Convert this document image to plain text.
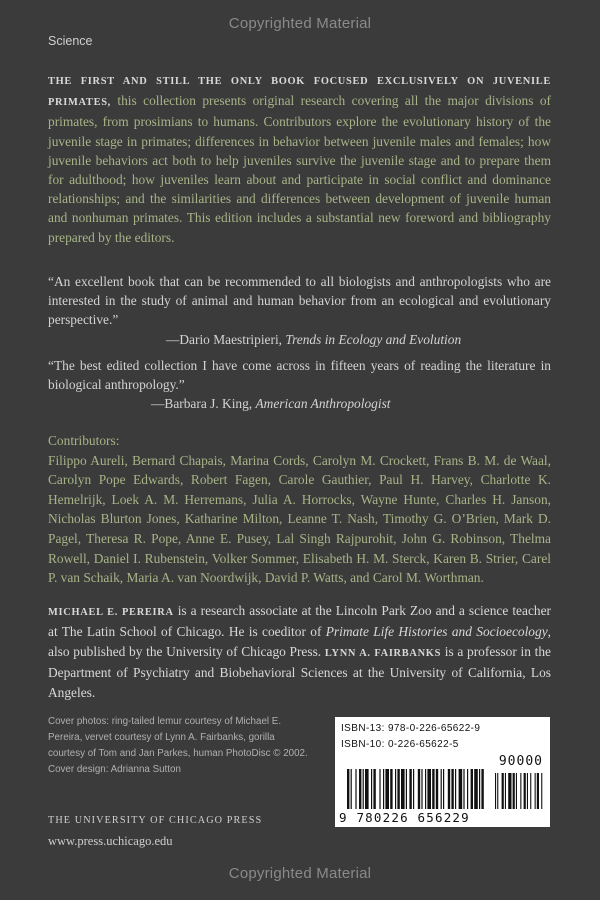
Copyrighted Material
Science
THE FIRST AND STILL THE ONLY BOOK FOCUSED EXCLUSIVELY ON JUVENILE PRIMATES, this collection presents original research covering all the major divisions of primates, from prosimians to humans. Contributors explore the evolutionary history of the juvenile stage in primates; differences in behavior between juvenile males and females; how juvenile behaviors act both to help juveniles survive the juvenile stage and to prepare them for adulthood; how juveniles learn about and participate in social conflict and dominance relationships; and the similarities and differences between development of juvenile human and nonhuman primates. This edition includes a substantial new foreword and bibliography prepared by the editors.
“An excellent book that can be recommended to all biologists and anthropologists who are interested in the study of animal and human behavior from an ecological and evolutionary perspective.”
—Dario Maestripieri, Trends in Ecology and Evolution
“The best edited collection I have come across in fifteen years of reading the literature in biological anthropology.”
—Barbara J. King, American Anthropologist
Contributors:
Filippo Aureli, Bernard Chapais, Marina Cords, Carolyn M. Crockett, Frans B. M. de Waal, Carolyn Pope Edwards, Robert Fagen, Carole Gauthier, Paul H. Harvey, Charlotte K. Hemelrijk, Loek A. M. Herremans, Julia A. Horrocks, Wayne Hunte, Charles H. Janson, Nicholas Blurton Jones, Katharine Milton, Leanne T. Nash, Timothy G. O’Brien, Mark D. Pagel, Theresa R. Pope, Anne E. Pusey, Lal Singh Rajpurohit, John G. Robinson, Thelma Rowell, Daniel I. Rubenstein, Volker Sommer, Elisabeth H. M. Sterck, Karen B. Strier, Carel P. van Schaik, Maria A. van Noordwijk, David P. Watts, and Carol M. Worthman.
MICHAEL E. PEREIRA is a research associate at the Lincoln Park Zoo and a science teacher at The Latin School of Chicago. He is coeditor of Primate Life Histories and Socioecology, also published by the University of Chicago Press. LYNN A. FAIRBANKS is a professor in the Department of Psychiatry and Biobehavioral Sciences at the University of California, Los Angeles.
Cover photos: ring-tailed lemur courtesy of Michael E. Pereira, vervet courtesy of Lynn A. Fairbanks, gorilla courtesy of Tom and Jan Parkes, human PhotoDisc © 2002. Cover design: Adrianna Sutton
THE UNIVERSITY OF CHICAGO PRESS
www.press.uchicago.edu
ISBN-13: 978-0-226-65622-9
ISBN-10: 0-226-65622-5
90000
9 780226 656229
Copyrighted Material
